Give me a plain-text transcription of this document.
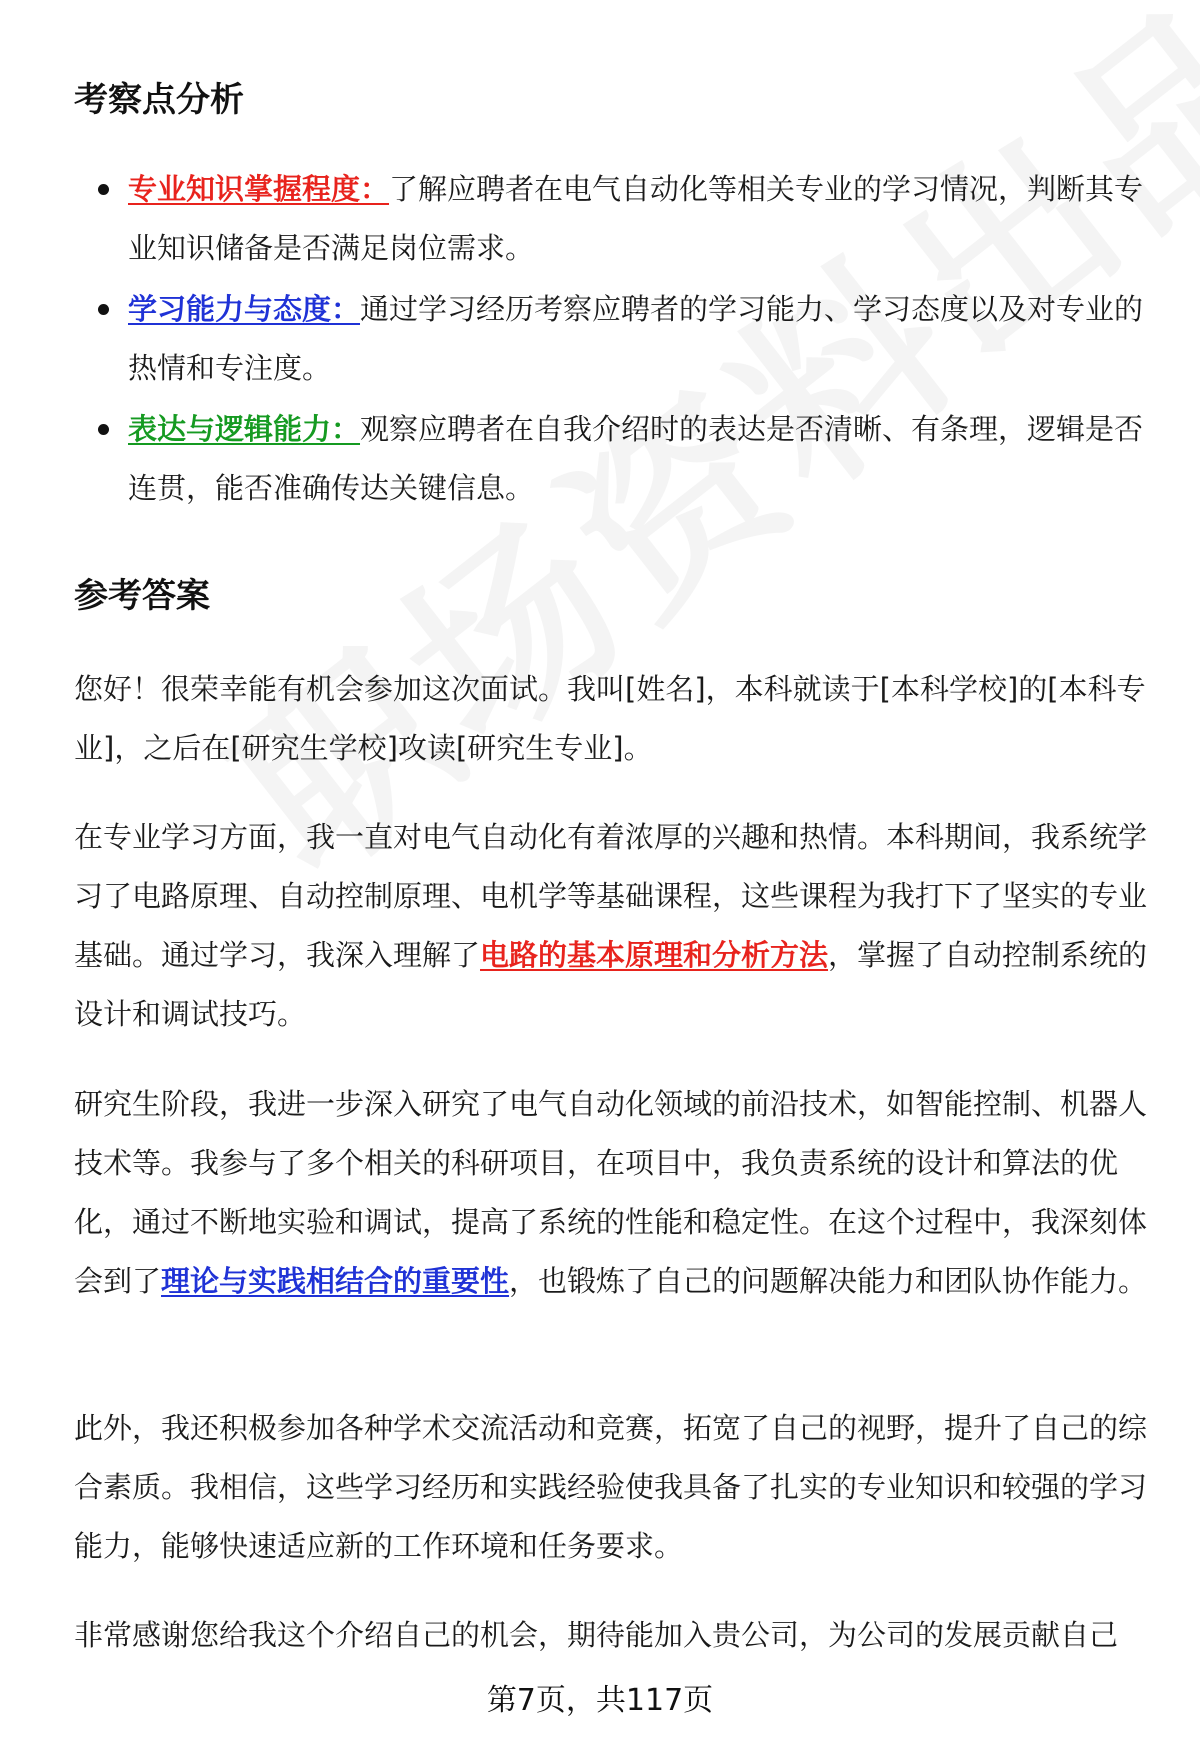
考察点分析
专业知识掌握程度：了解应聘者在电气自动化等相关专业的学习情况，判断其专业知识储备是否满足岗位需求。
学习能力与态度：通过学习经历考察应聘者的学习能力、学习态度以及对专业的热情和专注度。
表达与逻辑能力：观察应聘者在自我介绍时的表达是否清晰、有条理，逻辑是否连贯，能否准确传达关键信息。
参考答案

您好！很荣幸能有机会参加这次面试。我叫[姓名]，本科就读于[本科学校]的[本科专业]，之后在[研究生学校]攻读[研究生专业]。

在专业学习方面，我一直对电气自动化有着浓厚的兴趣和热情。本科期间，我系统学习了电路原理、自动控制原理、电机学等基础课程，这些课程为我打下了坚实的专业基础。通过学习，我深入理解了电路的基本原理和分析方法，掌握了自动控制系统的设计和调试技巧。

研究生阶段，我进一步深入研究了电气自动化领域的前沿技术，如智能控制、机器人技术等。我参与了多个相关的科研项目，在项目中，我负责系统的设计和算法的优化，通过不断地实验和调试，提高了系统的性能和稳定性。在这个过程中，我深刻体会到了理论与实践相结合的重要性，也锻炼了自己的问题解决能力和团队协作能力。

此外，我还积极参加各种学术交流活动和竞赛，拓宽了自己的视野，提升了自己的综合素质。我相信，这些学习经历和实践经验使我具备了扎实的专业知识和较强的学习能力，能够快速适应新的工作环境和任务要求。

非常感谢您给我这个介绍自己的机会，期待能加入贵公司，为公司的发展贡献自己

第7页，共117页
